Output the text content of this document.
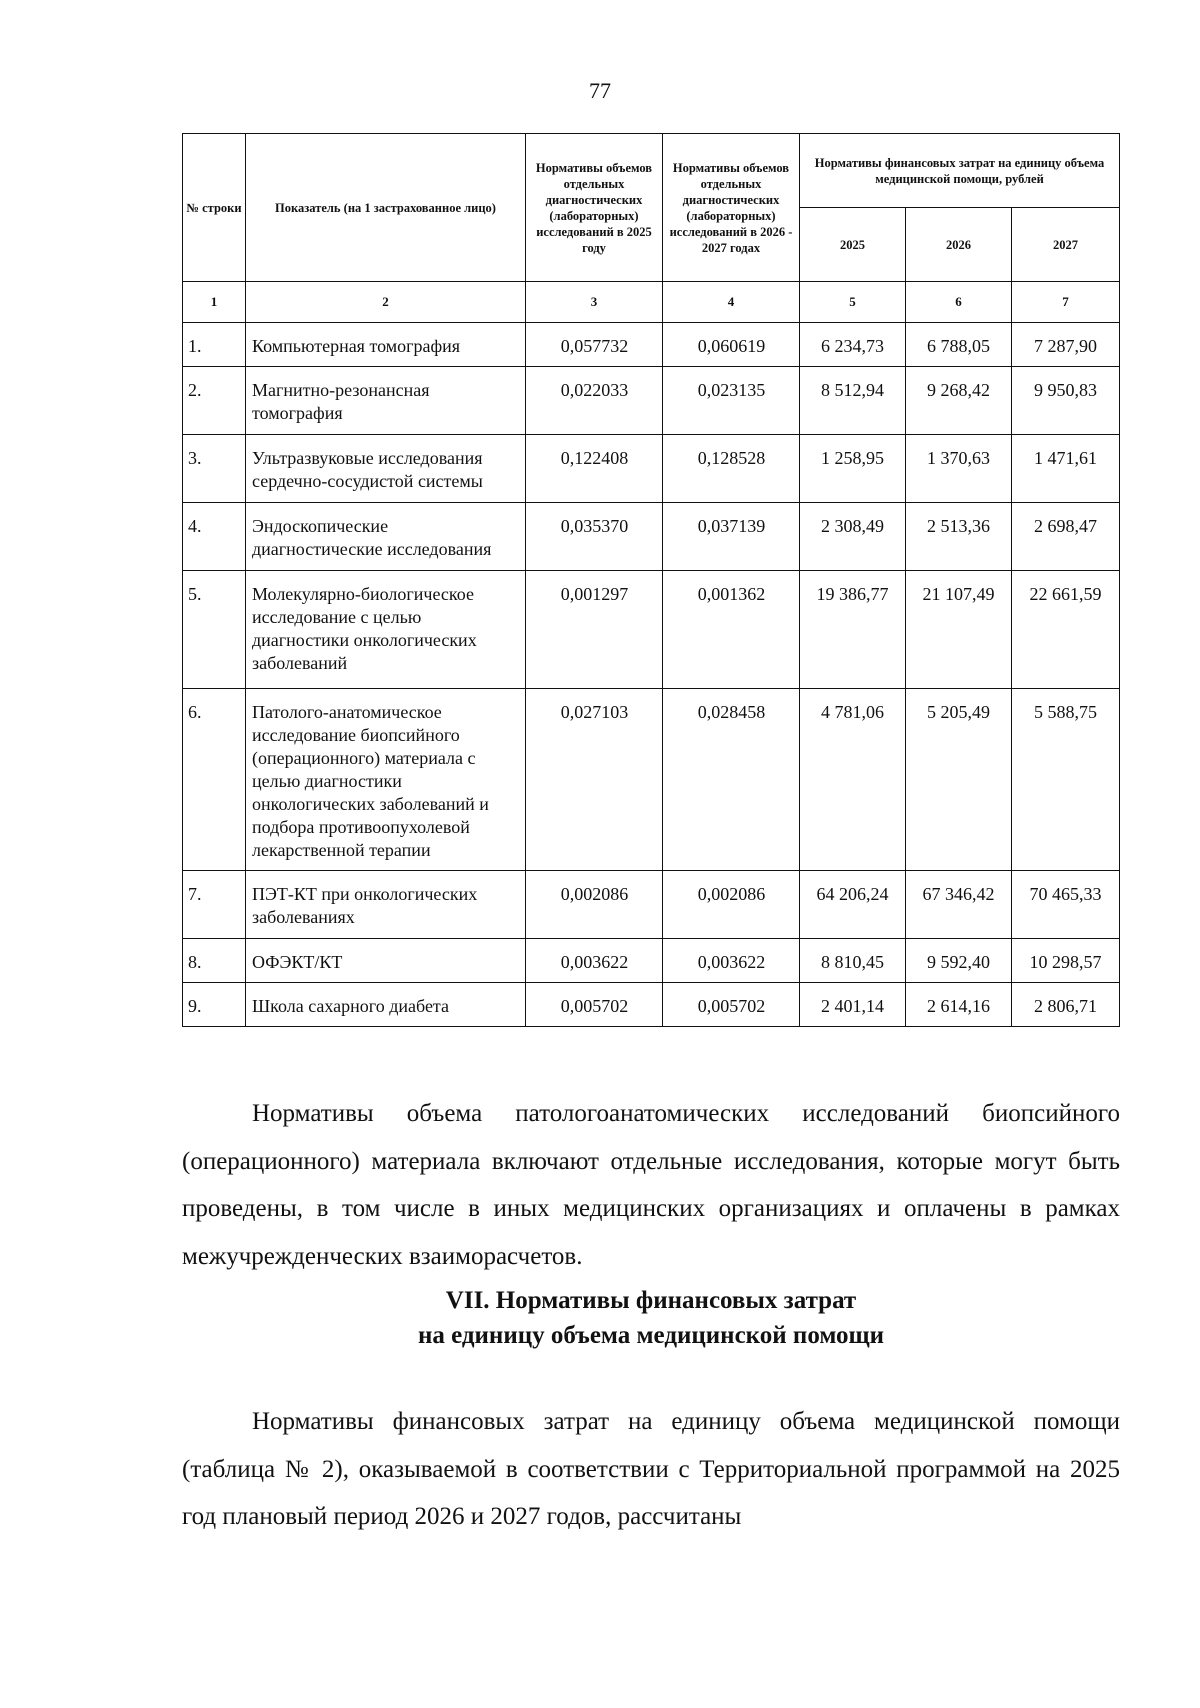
77
№ строки	Показатель (на 1 застрахованное лицо)	Нормативы объемов отдельных диагностических (лабораторных) исследований в 2025 году	Нормативы объемов отдельных диагностических (лабораторных) исследований в 2026 - 2027 годах	Нормативы финансовых затрат на единицу объема медицинской помощи, рублей		
				2025	2026	2027
1	2	3	4	5	6	7
1.	Компьютерная томография	0,057732	0,060619	6 234,73	6 788,05	7 287,90
2.	Магнитно-резонансная томография	0,022033	0,023135	8 512,94	9 268,42	9 950,83
3.	Ультразвуковые исследования сердечно-сосудистой системы	0,122408	0,128528	1 258,95	1 370,63	1 471,61
4.	Эндоскопические диагностические исследования	0,035370	0,037139	2 308,49	2 513,36	2 698,47
5.	Молекулярно-биологическое исследование с целью диагностики онкологических заболеваний	0,001297	0,001362	19 386,77	21 107,49	22 661,59
6.	Патолого-анатомическое исследование биопсийного (операционного) материала с целью диагностики онкологических заболеваний и подбора противоопухолевой лекарственной терапии	0,027103	0,028458	4 781,06	5 205,49	5 588,75
7.	ПЭТ-КТ при онкологических заболеваниях	0,002086	0,002086	64 206,24	67 346,42	70 465,33
8.	ОФЭКТ/КТ	0,003622	0,003622	8 810,45	9 592,40	10 298,57
9.	Школа сахарного диабета	0,005702	0,005702	2 401,14	2 614,16	2 806,71

Нормативы объема патологоанатомических исследований биопсийного (операционного) материала включают отдельные исследования, которые могут быть проведены, в том числе в иных медицинских организациях и оплачены в рамках межучрежденческих взаиморасчетов.

VII. Нормативы финансовых затрат
на единицу объема медицинской помощи

Нормативы финансовых затрат на единицу объема медицинской помощи (таблица № 2), оказываемой в соответствии с Территориальной программой на 2025 год плановый период 2026 и 2027 годов, рассчитаны
